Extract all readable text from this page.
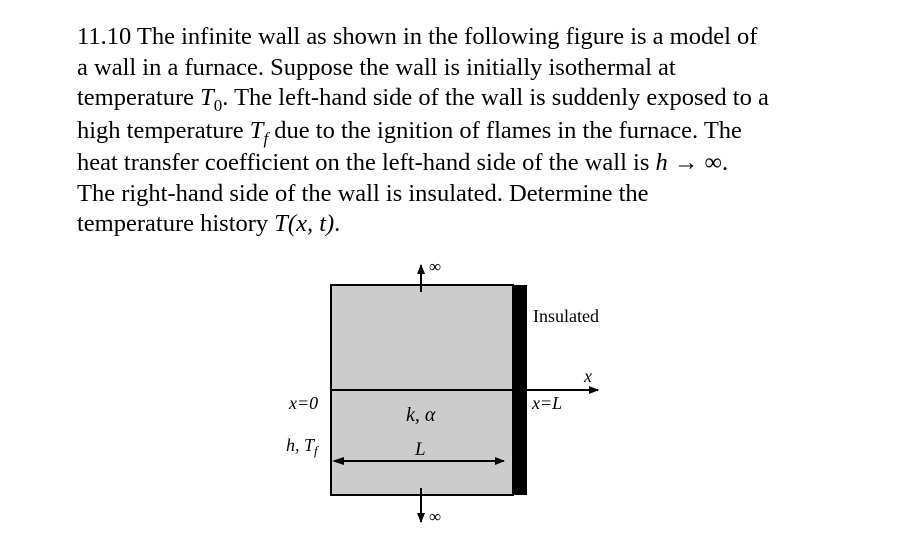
11.10 The infinite wall as shown in the following figure is a model of
a wall in a furnace. Suppose the wall is initially isothermal at
temperature $T_0$. The left-hand side of the wall is suddenly exposed to a
high temperature $T_f$ due to the ignition of flames in the furnace. The
heat transfer coefficient on the left-hand side of the wall is h → ∞.
The right-hand side of the wall is insulated. Determine the
temperature history T(x, t).
∞
∞
x
Insulated
x=0	x=L
k, α
L
h, $T_f$
